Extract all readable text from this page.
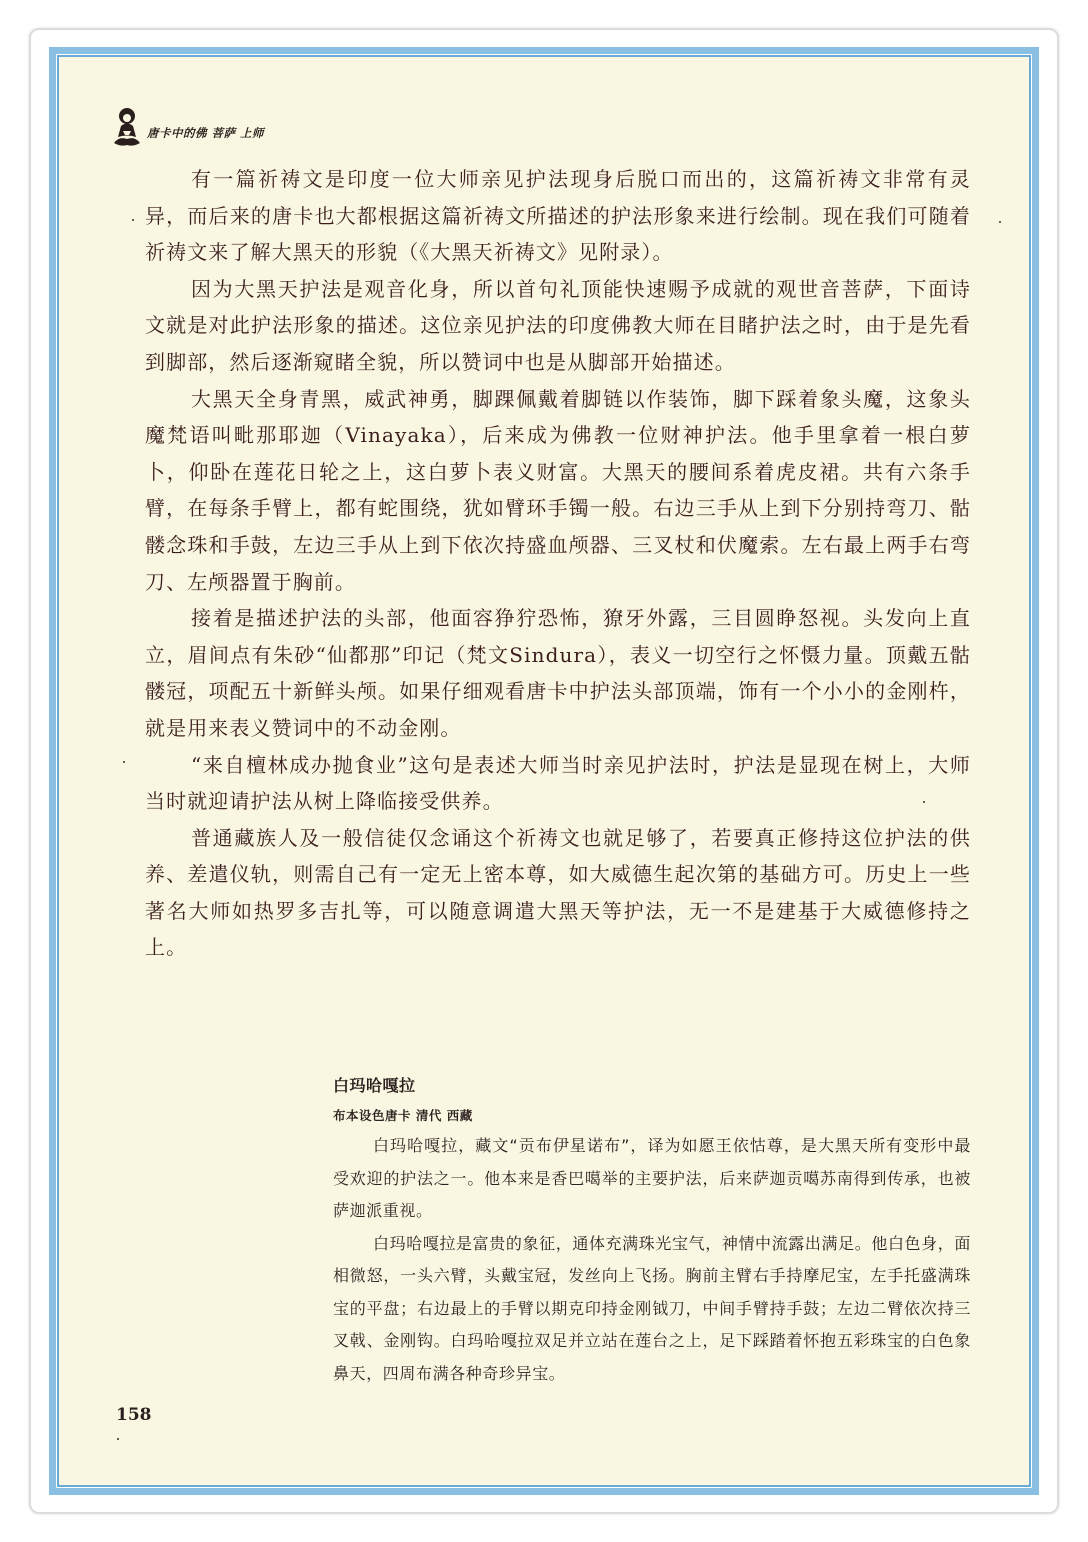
唐卡中的佛 菩萨 上师

有一篇祈祷文是印度一位大师亲见护法现身后脱口而出的，这篇祈祷文非常有灵异，而后来的唐卡也大都根据这篇祈祷文所描述的护法形象来进行绘制。现在我们可随着祈祷文来了解大黑天的形貌（《大黑天祈祷文》见附录）。

因为大黑天护法是观音化身，所以首句礼顶能快速赐予成就的观世音菩萨，下面诗文就是对此护法形象的描述。这位亲见护法的印度佛教大师在目睹护法之时，由于是先看到脚部，然后逐渐窥睹全貌，所以赞词中也是从脚部开始描述。

大黑天全身青黑，威武神勇，脚踝佩戴着脚链以作装饰，脚下踩着象头魔，这象头魔梵语叫毗那耶迦（Vinayaka），后来成为佛教一位财神护法。他手里拿着一根白萝卜，仰卧在莲花日轮之上，这白萝卜表义财富。大黑天的腰间系着虎皮裙。共有六条手臂，在每条手臂上，都有蛇围绕，犹如臂环手镯一般。右边三手从上到下分别持弯刀、骷髅念珠和手鼓，左边三手从上到下依次持盛血颅器、三叉杖和伏魔索。左右最上两手右弯刀、左颅器置于胸前。

接着是描述护法的头部，他面容狰狞恐怖，獠牙外露，三目圆睁怒视。头发向上直立，眉间点有朱砂“仙都那”印记（梵文Sindura），表义一切空行之怀慑力量。顶戴五骷髅冠，项配五十新鲜头颅。如果仔细观看唐卡中护法头部顶端，饰有一个小小的金刚杵，就是用来表义赞词中的不动金刚。

“来自檀林成办抛食业”这句是表述大师当时亲见护法时，护法是显现在树上，大师当时就迎请护法从树上降临接受供养。

普通藏族人及一般信徒仅念诵这个祈祷文也就足够了，若要真正修持这位护法的供养、差遣仪轨，则需自己有一定无上密本尊，如大威德生起次第的基础方可。历史上一些著名大师如热罗多吉扎等，可以随意调遣大黑天等护法，无一不是建基于大威德修持之上。

白玛哈嘎拉
布本设色唐卡 清代 西藏

白玛哈嘎拉，藏文“贡布伊星诺布”，译为如愿王依怙尊，是大黑天所有变形中最受欢迎的护法之一。他本来是香巴噶举的主要护法，后来萨迦贡噶苏南得到传承，也被萨迦派重视。

白玛哈嘎拉是富贵的象征，通体充满珠光宝气，神情中流露出满足。他白色身，面相微怒，一头六臂，头戴宝冠，发丝向上飞扬。胸前主臂右手持摩尼宝，左手托盛满珠宝的平盘；右边最上的手臂以期克印持金刚钺刀，中间手臂持手鼓；左边二臂依次持三叉戟、金刚钩。白玛哈嘎拉双足并立站在莲台之上，足下踩踏着怀抱五彩珠宝的白色象鼻天，四周布满各种奇珍异宝。

158
